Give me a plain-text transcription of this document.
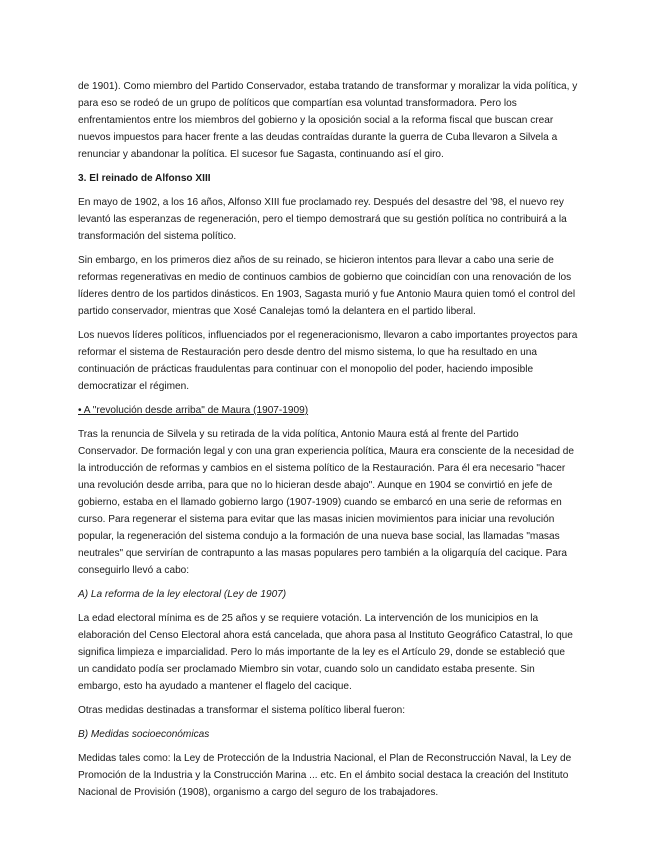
de 1901). Como miembro del Partido Conservador, estaba tratando de transformar y moralizar la vida política, y para eso se rodeó de un grupo de políticos que compartían esa voluntad transformadora. Pero los enfrentamientos entre los miembros del gobierno y la oposición social a la reforma fiscal que buscan crear nuevos impuestos para hacer frente a las deudas contraídas durante la guerra de Cuba llevaron a Silvela a renunciar y abandonar la política. El sucesor fue Sagasta, continuando así el giro.

3. El reinado de Alfonso XIII

En mayo de 1902, a los 16 años, Alfonso XIII fue proclamado rey. Después del desastre del '98, el nuevo rey levantó las esperanzas de regeneración, pero el tiempo demostrará que su gestión política no contribuirá a la transformación del sistema político.

Sin embargo, en los primeros diez años de su reinado, se hicieron intentos para llevar a cabo una serie de reformas regenerativas en medio de continuos cambios de gobierno que coincidían con una renovación de los líderes dentro de los partidos dinásticos. En 1903, Sagasta murió y fue Antonio Maura quien tomó el control del partido conservador, mientras que Xosé Canalejas tomó la delantera en el partido liberal.

Los nuevos líderes políticos, influenciados por el regeneracionismo, llevaron a cabo importantes proyectos para reformar el sistema de Restauración pero desde dentro del mismo sistema, lo que ha resultado en una continuación de prácticas fraudulentas para continuar con el monopolio del poder, haciendo imposible democratizar el régimen.

• A "revolución desde arriba" de Maura (1907-1909)

Tras la renuncia de Silvela y su retirada de la vida política, Antonio Maura está al frente del Partido Conservador. De formación legal y con una gran experiencia política, Maura era consciente de la necesidad de la introducción de reformas y cambios en el sistema político de la Restauración. Para él era necesario "hacer una revolución desde arriba, para que no lo hicieran desde abajo". Aunque en 1904 se convirtió en jefe de gobierno, estaba en el llamado gobierno largo (1907-1909) cuando se embarcó en una serie de reformas en curso. Para regenerar el sistema para evitar que las masas inicien movimientos para iniciar una revolución popular, la regeneración del sistema condujo a la formación de una nueva base social, las llamadas "masas neutrales" que servirían de contrapunto a las masas populares pero también a la oligarquía del cacique. Para conseguirlo llevó a cabo:

A) La reforma de la ley electoral (Ley de 1907)

La edad electoral mínima es de 25 años y se requiere votación. La intervención de los municipios en la elaboración del Censo Electoral ahora está cancelada, que ahora pasa al Instituto Geográfico Catastral, lo que significa limpieza e imparcialidad. Pero lo más importante de la ley es el Artículo 29, donde se estableció que un candidato podía ser proclamado Miembro sin votar, cuando solo un candidato estaba presente. Sin embargo, esto ha ayudado a mantener el flagelo del cacique.

Otras medidas destinadas a transformar el sistema político liberal fueron:

B) Medidas socioeconómicas

Medidas tales como: la Ley de Protección de la Industria Nacional, el Plan de Reconstrucción Naval, la Ley de Promoción de la Industria y la Construcción Marina ... etc. En el ámbito social destaca la creación del Instituto Nacional de Provisión (1908), organismo a cargo del seguro de los trabajadores.
